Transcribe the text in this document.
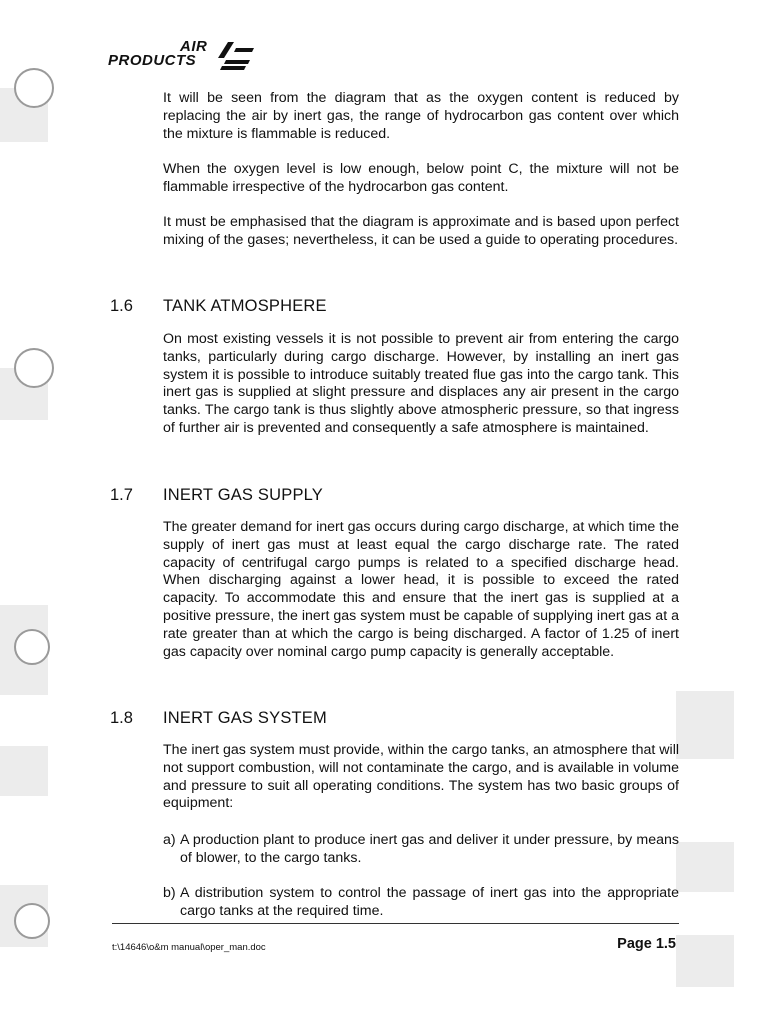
AIR
PRODUCTS

It will be seen from the diagram that as the oxygen content is reduced by replacing the air by inert gas, the range of hydrocarbon gas content over which the mixture is flammable is reduced.

When the oxygen level is low enough, below point C, the mixture will not be flammable irrespective of the hydrocarbon gas content.

It must be emphasised that the diagram is approximate and is based upon perfect mixing of the gases; nevertheless, it can be used a guide to operating procedures.

1.6 TANK ATMOSPHERE

On most existing vessels it is not possible to prevent air from entering the cargo tanks, particularly during cargo discharge. However, by installing an inert gas system it is possible to introduce suitably treated flue gas into the cargo tank. This inert gas is supplied at slight pressure and displaces any air present in the cargo tanks. The cargo tank is thus slightly above atmospheric pressure, so that ingress of further air is prevented and consequently a safe atmosphere is maintained.

1.7 INERT GAS SUPPLY

The greater demand for inert gas occurs during cargo discharge, at which time the supply of inert gas must at least equal the cargo discharge rate. The rated capacity of centrifugal cargo pumps is related to a specified discharge head. When discharging against a lower head, it is possible to exceed the rated capacity. To accommodate this and ensure that the inert gas is supplied at a positive pressure, the inert gas system must be capable of supplying inert gas at a rate greater than at which the cargo is being discharged. A factor of 1.25 of inert gas capacity over nominal cargo pump capacity is generally acceptable.

1.8 INERT GAS SYSTEM

The inert gas system must provide, within the cargo tanks, an atmosphere that will not support combustion, will not contaminate the cargo, and is available in volume and pressure to suit all operating conditions. The system has two basic groups of equipment:

a) A production plant to produce inert gas and deliver it under pressure, by means of blower, to the cargo tanks.
b) A distribution system to control the passage of inert gas into the appropriate cargo tanks at the required time.
t:\14646\o&m manual\oper_man.doc	Page 1.5
